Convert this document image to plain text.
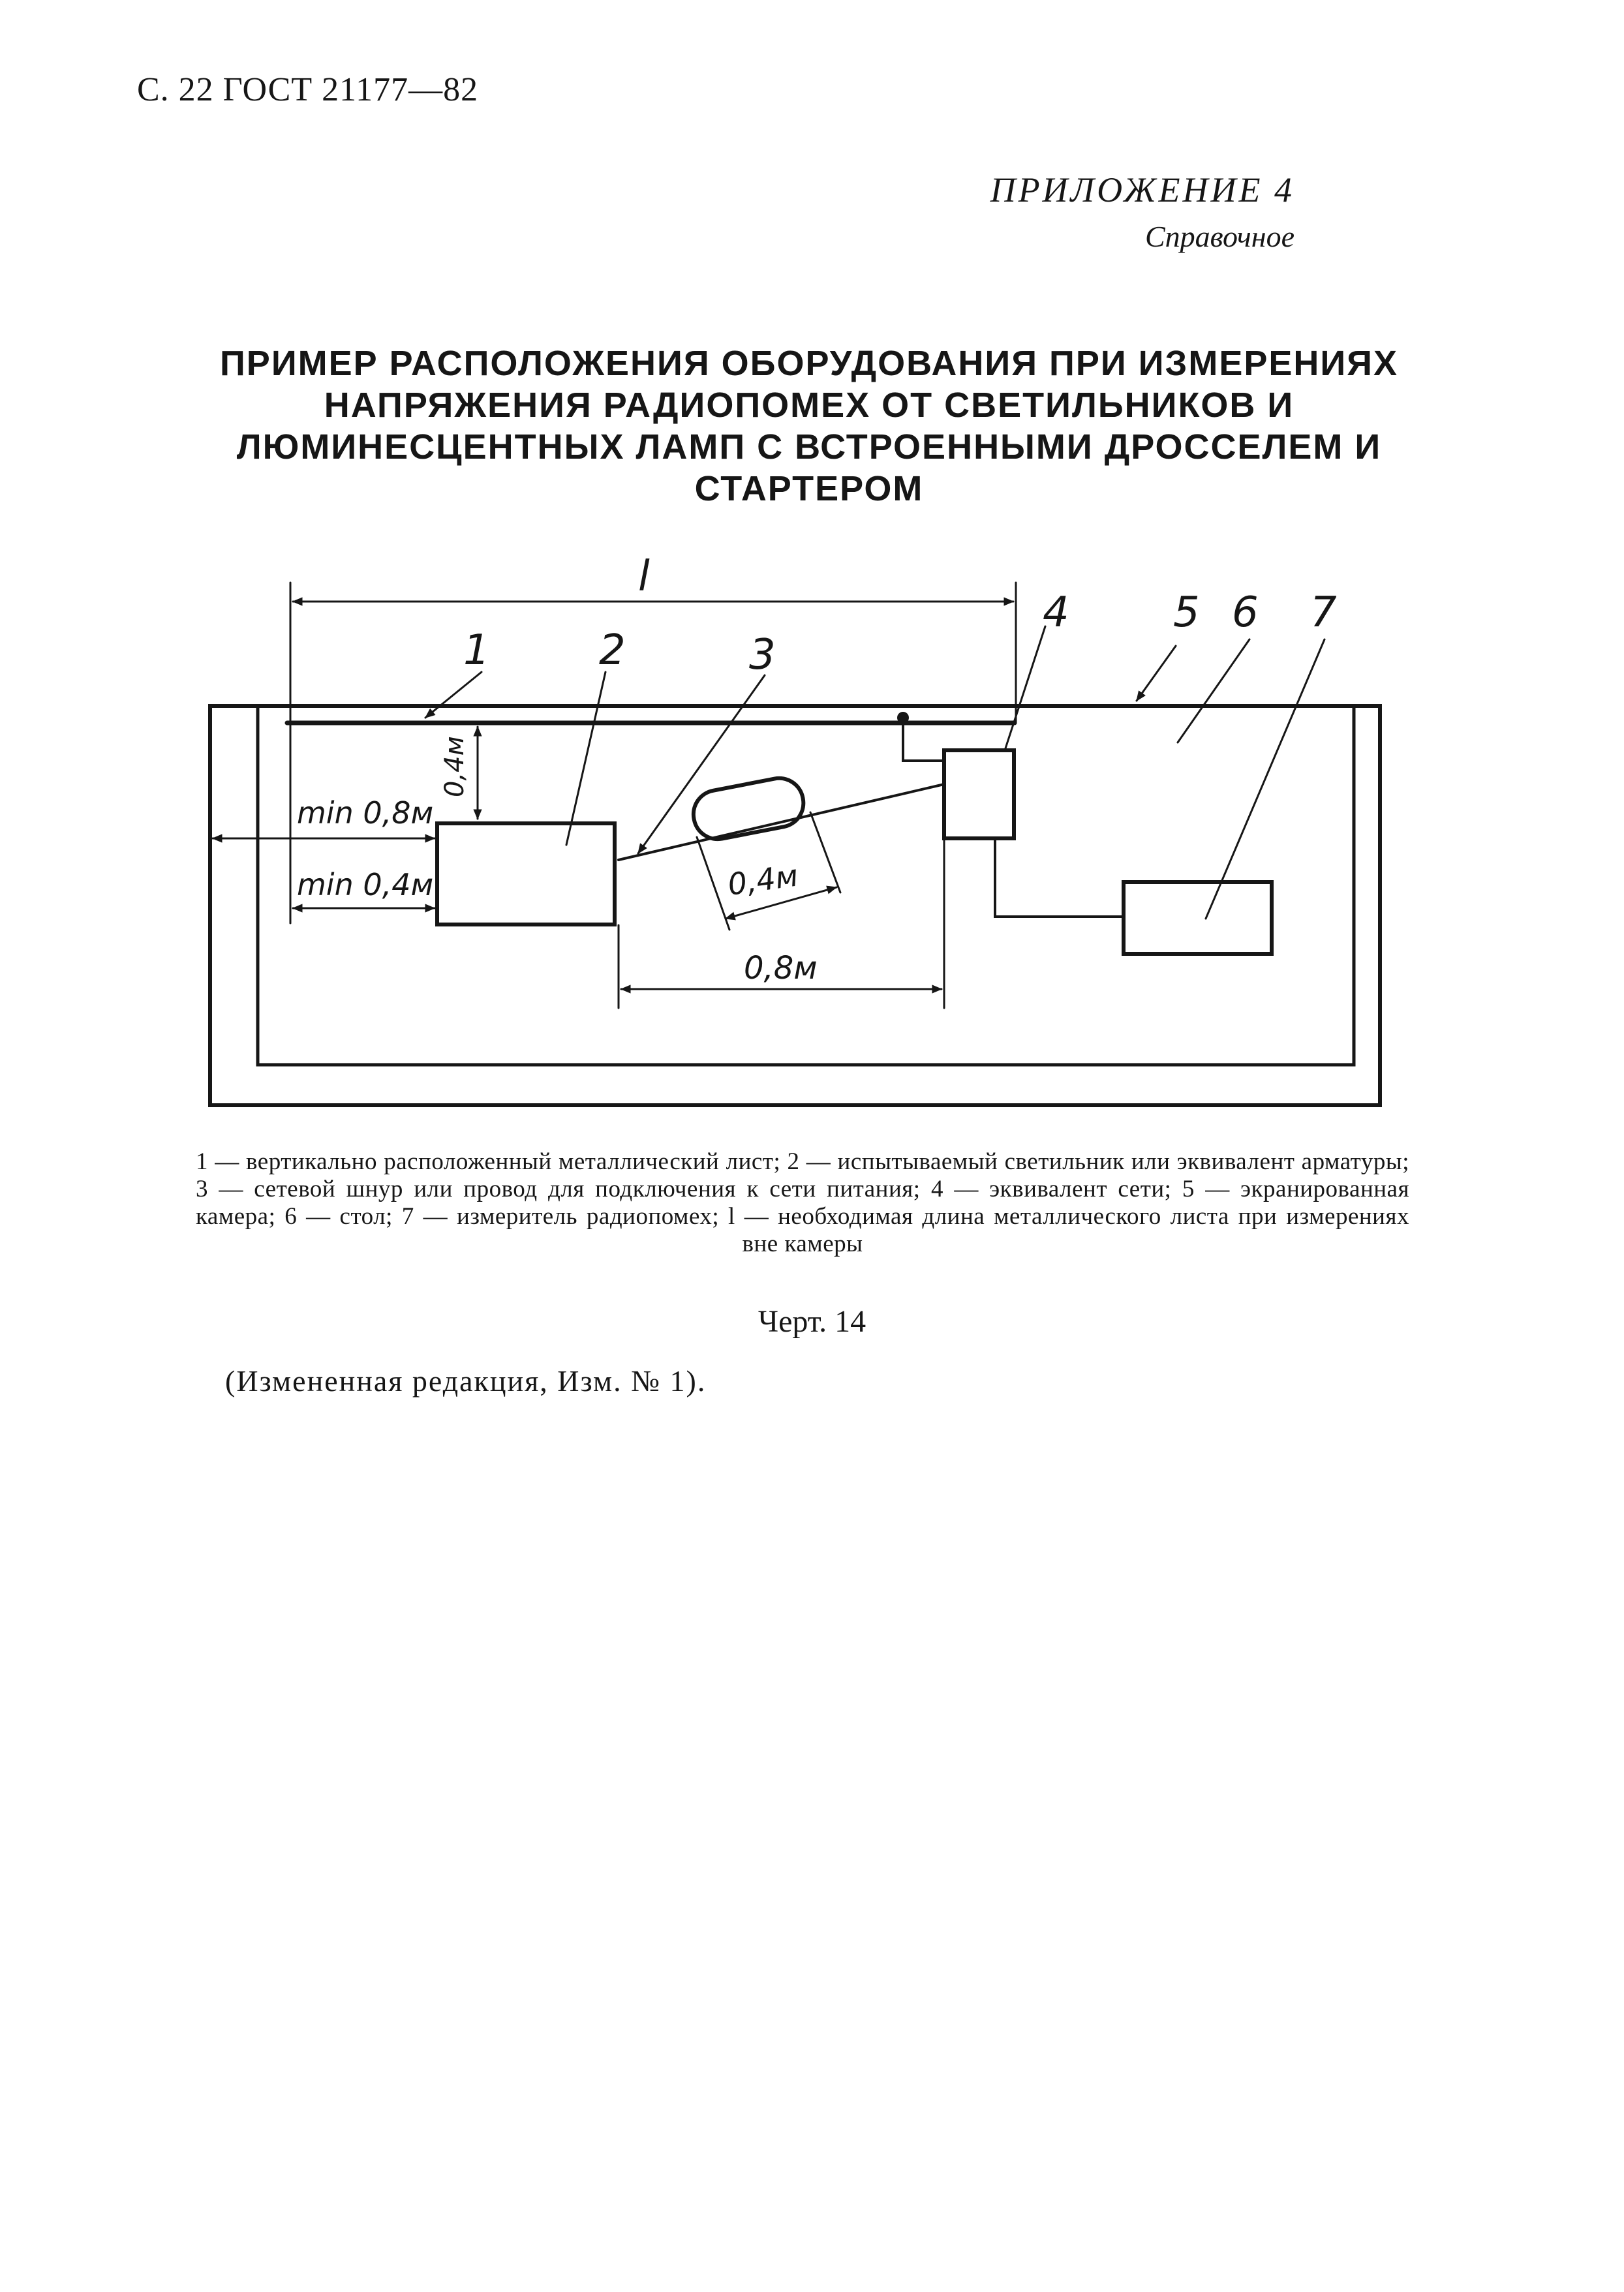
С. 22 ГОСТ 21177—82
ПРИЛОЖЕНИЕ 4
Справочное
ПРИМЕР РАСПОЛОЖЕНИЯ ОБОРУДОВАНИЯ ПРИ ИЗМЕРЕНИЯХ
НАПРЯЖЕНИЯ РАДИОПОМЕХ ОТ СВЕТИЛЬНИКОВ И
ЛЮМИНЕСЦЕНТНЫХ ЛАМП С ВСТРОЕННЫМИ ДРОССЕЛЕМ И
СТАРТЕРОМ
l
1	2	3
4 5 6 7
min 0,8м
min 0,4м
0,4м
0,4м
0,8м
1 — вертикально расположенный металлический лист; 2 — испытываемый светильник или эквивалент арматуры; 3 — сетевой шнур или провод для подключения к сети питания; 4 — эквивалент сети; 5 — экранированная камера; 6 — стол; 7 — измеритель радиопомех; l — необходимая длина металлического листа при измерениях вне камеры
Черт. 14
(Измененная редакция, Изм. № 1).
